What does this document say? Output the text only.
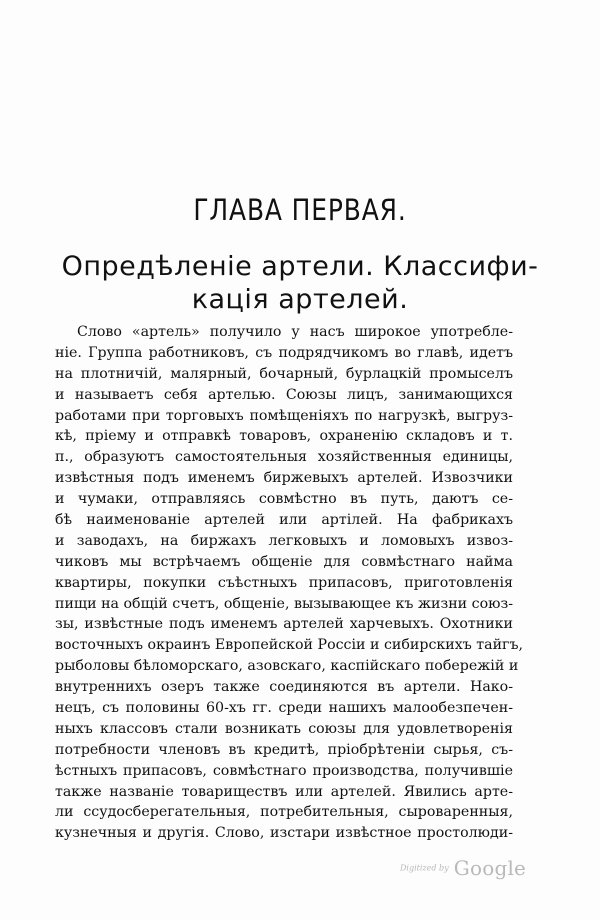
ГЛАВА ПЕРВАЯ.
Опредѣленіе артели. Классифи-
кація артелей.
Слово «артель» получило у насъ широкое употребле-
ніе. Группа работниковъ, съ подрядчикомъ во главѣ, идетъ
на плотничій, малярный, бочарный, бурлацкій промыселъ
и называетъ себя артелью. Союзы лицъ, занимающихся
работами при торговыхъ помѣщеніяхъ по нагрузкѣ, выгруз-
кѣ, пріему и отправкѣ товаровъ, охраненію складовъ и т.
п., образуютъ самостоятельныя хозяйственныя единицы,
извѣстныя подъ именемъ биржевыхъ артелей. Извозчики
и чумаки, отправляясь совмѣстно въ путь, даютъ се-
бѣ наименованіе артелей или артілей. На фабрикахъ
и заводахъ, на биржахъ легковыхъ и ломовыхъ извоз-
чиковъ мы встрѣчаемъ общеніе для совмѣстнаго найма
квартиры, покупки съѣстныхъ припасовъ, приготовленія
пищи на общій счетъ, общеніе, вызывающее къ жизни союз-
зы, извѣстные подъ именемъ артелей харчевыхъ. Охотники
восточныхъ окраинъ Европейской Россіи и сибирскихъ тайгъ,
рыболовы бѣломорскаго, азовскаго, каспійскаго побережій и
внутреннихъ озеръ также соединяются въ артели. Нако-
нецъ, съ половины 60-хъ гг. среди нашихъ малообезпечен-
ныхъ классовъ стали возникать союзы для удовлетворенія
потребности членовъ въ кредитѣ, пріобрѣтеніи сырья, съ-
ѣстныхъ припасовъ, совмѣстнаго производства, получившіе
также названіе товариществъ или артелей. Явились арте-
ли ссудосберегательныя, потребительныя, сыроваренныя,
кузнечныя и другія. Слово, изстари извѣстное простолюди-
Digitized by Google
